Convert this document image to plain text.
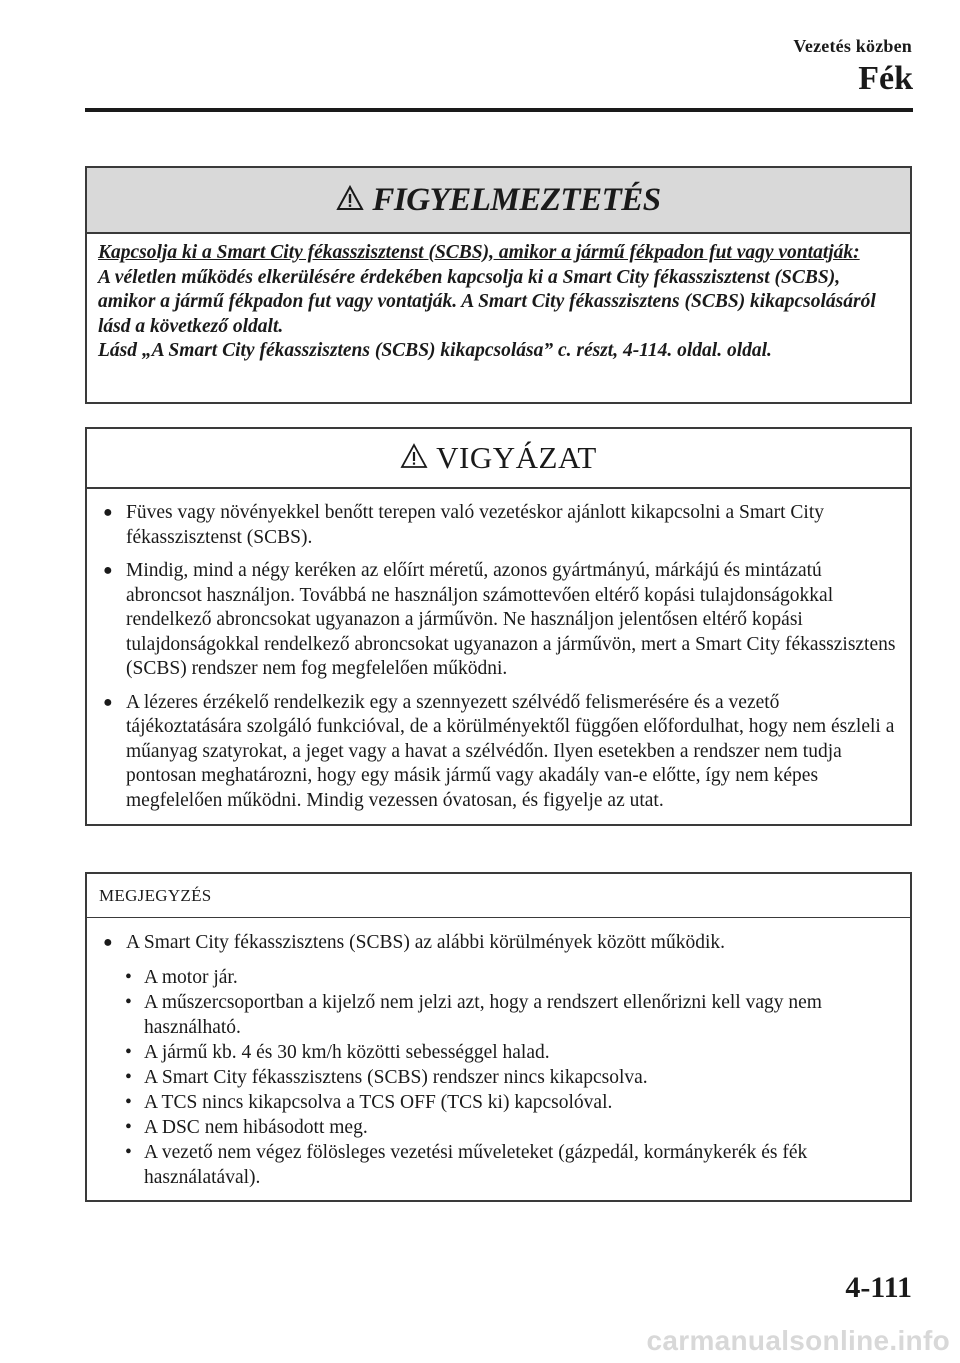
Vezetés közben
Fék
FIGYELMEZTETÉS
Kapcsolja ki a Smart City fékasszisztenst (SCBS), amikor a jármű fékpadon fut vagy vontatják:
A véletlen működés elkerülésére érdekében kapcsolja ki a Smart City fékasszisztenst (SCBS), amikor a jármű fékpadon fut vagy vontatják. A Smart City fékasszisztens (SCBS) kikapcsolásáról lásd a következő oldalt.
Lásd „A Smart City fékasszisztens (SCBS) kikapcsolása” c. részt, 4-114. oldal. oldal.
VIGYÁZAT
● Füves vagy növényekkel benőtt terepen való vezetéskor ajánlott kikapcsolni a Smart City fékasszisztenst (SCBS).
● Mindig, mind a négy keréken az előírt méretű, azonos gyártmányú, márkájú és mintázatú abroncsot használjon. Továbbá ne használjon számottevően eltérő kopási tulajdonságokkal rendelkező abroncsokat ugyanazon a járművön. Ne használjon jelentősen eltérő kopási tulajdonságokkal rendelkező abroncsokat ugyanazon a járművön, mert a Smart City fékasszisztens (SCBS) rendszer nem fog megfelelően működni.
● A lézeres érzékelő rendelkezik egy a szennyezett szélvédő felismerésére és a vezető tájékoztatására szolgáló funkcióval, de a körülményektől függően előfordulhat, hogy nem észleli a műanyag szatyrokat, a jeget vagy a havat a szélvédőn. Ilyen esetekben a rendszer nem tudja pontosan meghatározni, hogy egy másik jármű vagy akadály van-e előtte, így nem képes megfelelően működni. Mindig vezessen óvatosan, és figyelje az utat.
MEGJEGYZÉS
● A Smart City fékasszisztens (SCBS) az alábbi körülmények között működik.
• A motor jár.
• A műszercsoportban a kijelző nem jelzi azt, hogy a rendszert ellenőrizni kell vagy nem használható.
• A jármű kb. 4 és 30 km/h közötti sebességgel halad.
• A Smart City fékasszisztens (SCBS) rendszer nincs kikapcsolva.
• A TCS nincs kikapcsolva a TCS OFF (TCS ki) kapcsolóval.
• A DSC nem hibásodott meg.
• A vezető nem végez fölösleges vezetési műveleteket (gázpedál, kormánykerék és fék használatával).
4-111
carmanualsonline.info
